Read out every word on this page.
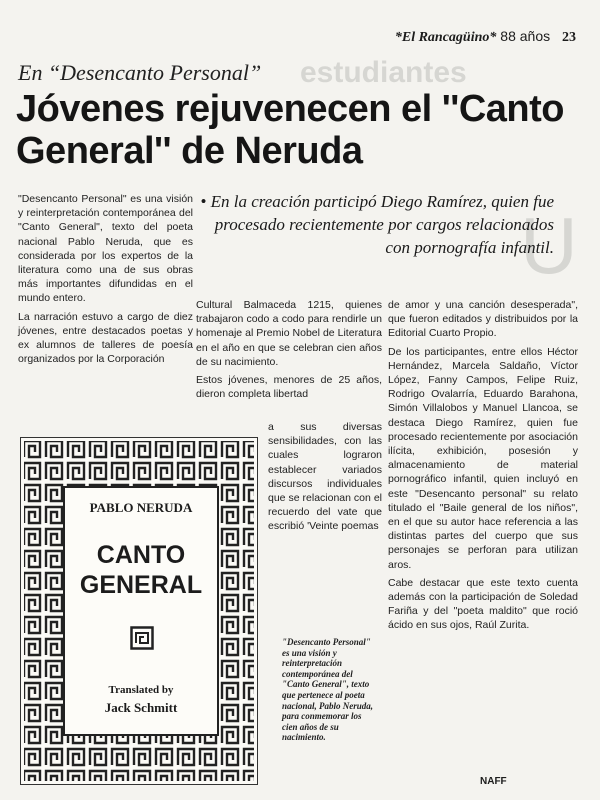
estudiantes
U
*El Rancagüino* 88 años 23
En “Desencanto Personal”
Jóvenes rejuvenecen el ''Canto General'' de Neruda

"Desencanto Personal" es una visión y reinterpretación contemporánea del "Canto General", texto del poeta nacional Pablo Neruda, que es considerada por los expertos de la literatura como una de sus obras más importantes difundidas en el mundo entero.

La narración estuvo a cargo de diez jóvenes, entre destacados poetas y ex alumnos de talleres de poesía organizados por la Corporación

• En la creación participó Diego Ramírez, quien fue procesado recientemente por cargos relacionados con pornografía infantil.

Cultural Balmaceda 1215, quienes trabajaron codo a codo para rendirle un homenaje al Premio Nobel de Literatura en el año en que se celebran cien años de su nacimiento.

Estos jóvenes, menores de 25 años, dieron completa libertad

a sus diversas sensibilidades, con las cuales lograron establecer variados discursos individuales que se relacionan con el recuerdo del vate que escribió 'Veinte poemas

de amor y una canción desesperada", que fueron editados y distribuidos por la Editorial Cuarto Propio.

De los participantes, entre ellos Héctor Hernández, Marcela Saldaño, Víctor López, Fanny Campos, Felipe Ruiz, Rodrigo Ovalarría, Eduardo Barahona, Simón Villalobos y Manuel Llancoa, se destaca Diego Ramírez, quien fue procesado recientemente por asociación ilícita, exhibición, posesión y almacenamiento de material pornográfico infantil, quien incluyó en este "Desencanto personal" su relato titulado el "Baile general de los niños", en el que su autor hace referencia a las distintas partes del cuerpo que sus personajes se perforan para utilizan aros.

Cabe destacar que este texto cuenta además con la participación de Soledad Fariña y del "poeta maldito" que roció ácido en sus ojos, Raúl Zurita.

PABLO NERUDA
CANTO
GENERAL
Translated by
Jack Schmitt
"Desencanto Personal" es una visión y reinterpretación contemporánea del "Canto General", texto que pertenece al poeta nacional, Pablo Neruda, para conmemorar los cien años de su nacimiento.
NAFF
